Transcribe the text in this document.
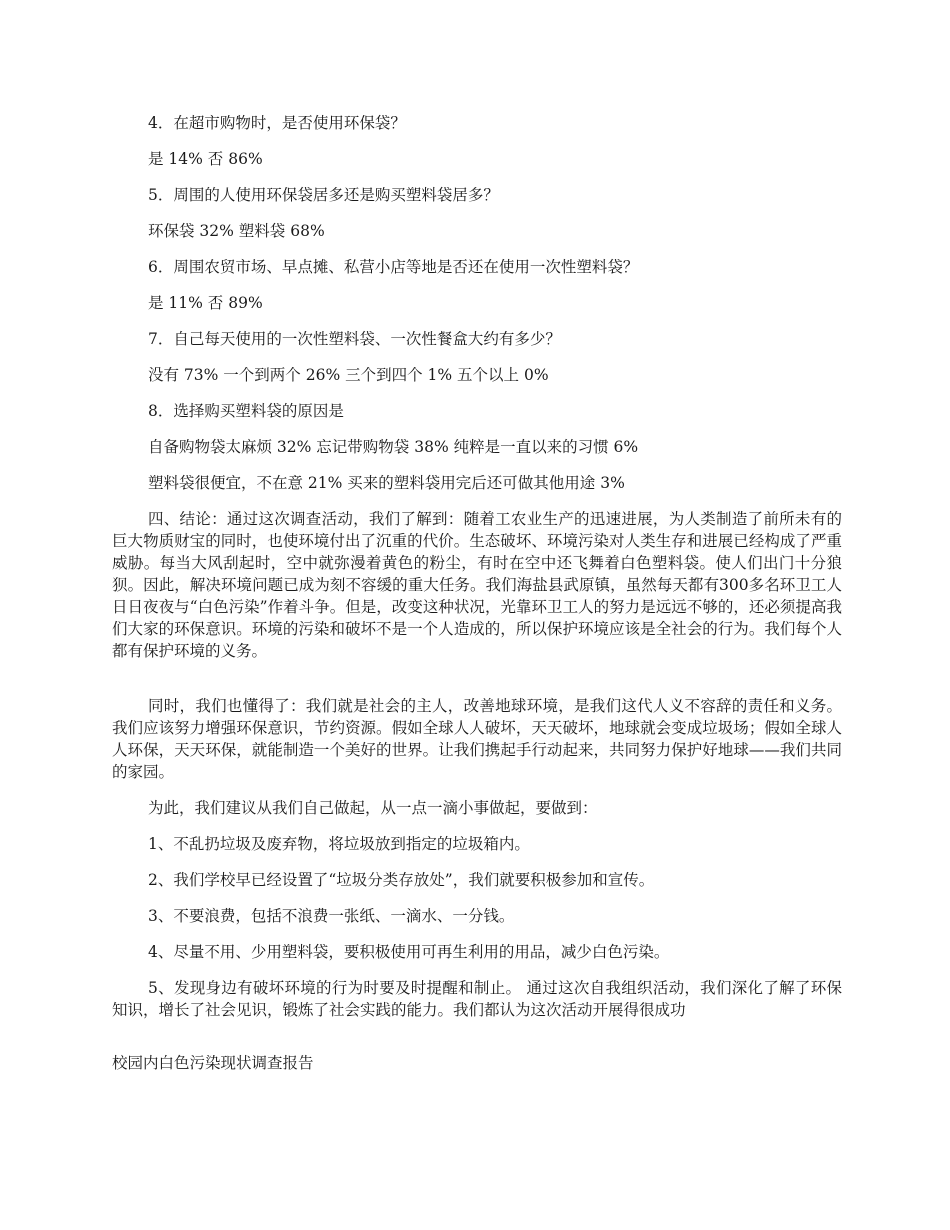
4．在超市购物时，是否使用环保袋？
是 14% 否 86%
5．周围的人使用环保袋居多还是购买塑料袋居多？
环保袋 32% 塑料袋 68%
6．周围农贸市场、早点摊、私营小店等地是否还在使用一次性塑料袋？
是 11% 否 89%
7．自己每天使用的一次性塑料袋、一次性餐盒大约有多少？
没有 73% 一个到两个 26% 三个到四个 1% 五个以上 0%
8．选择购买塑料袋的原因是
自备购物袋太麻烦 32% 忘记带购物袋 38% 纯粹是一直以来的习惯 6%
塑料袋很便宜，不在意 21% 买来的塑料袋用完后还可做其他用途 3%
四、结论：通过这次调查活动，我们了解到：随着工农业生产的迅速进展，为人类制造了前所未有的巨大物质财宝的同时，也使环境付出了沉重的代价。生态破坏、环境污染对人类生存和进展已经构成了严重威胁。每当大风刮起时，空中就弥漫着黄色的粉尘，有时在空中还飞舞着白色塑料袋。使人们出门十分狼狈。因此，解决环境问题已成为刻不容缓的重大任务。我们海盐县武原镇，虽然每天都有300多名环卫工人日日夜夜与“白色污染”作着斗争。但是，改变这种状况，光靠环卫工人的努力是远远不够的，还必须提高我们大家的环保意识。环境的污染和破坏不是一个人造成的，所以保护环境应该是全社会的行为。我们每个人都有保护环境的义务。
同时，我们也懂得了：我们就是社会的主人，改善地球环境，是我们这代人义不容辞的责任和义务。我们应该努力增强环保意识，节约资源。假如全球人人破坏，天天破坏，地球就会变成垃圾场；假如全球人人环保，天天环保，就能制造一个美好的世界。让我们携起手行动起来，共同努力保护好地球——我们共同的家园。
为此，我们建议从我们自己做起，从一点一滴小事做起，要做到：
1、不乱扔垃圾及废弃物，将垃圾放到指定的垃圾箱内。
2、我们学校早已经设置了“垃圾分类存放处”，我们就要积极参加和宣传。
3、不要浪费，包括不浪费一张纸、一滴水、一分钱。
4、尽量不用、少用塑料袋，要积极使用可再生利用的用品，减少白色污染。
5、发现身边有破坏环境的行为时要及时提醒和制止。 通过这次自我组织活动，我们深化了解了环保知识，增长了社会见识，锻炼了社会实践的能力。我们都认为这次活动开展得很成功
校园内白色污染现状调查报告
